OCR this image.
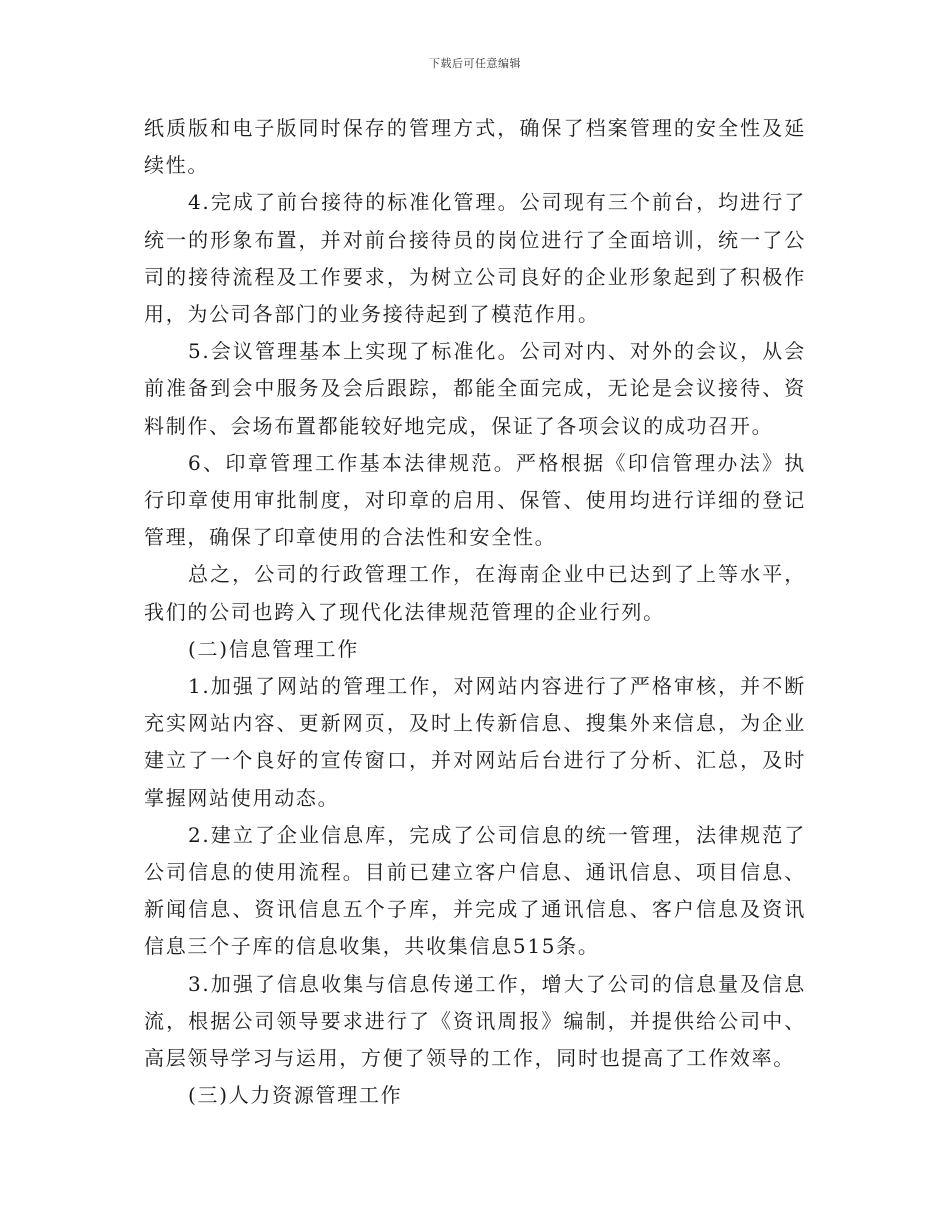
下载后可任意编辑

纸质版和电子版同时保存的管理方式，确保了档案管理的安全性及延续性。

4.完成了前台接待的标准化管理。公司现有三个前台，均进行了统一的形象布置，并对前台接待员的岗位进行了全面培训，统一了公司的接待流程及工作要求，为树立公司良好的企业形象起到了积极作用，为公司各部门的业务接待起到了模范作用。

5.会议管理基本上实现了标准化。公司对内、对外的会议，从会前准备到会中服务及会后跟踪，都能全面完成，无论是会议接待、资料制作、会场布置都能较好地完成，保证了各项会议的成功召开。

6、印章管理工作基本法律规范。严格根据《印信管理办法》执行印章使用审批制度，对印章的启用、保管、使用均进行详细的登记管理，确保了印章使用的合法性和安全性。

总之，公司的行政管理工作，在海南企业中已达到了上等水平，我们的公司也跨入了现代化法律规范管理的企业行列。

(二)信息管理工作

1.加强了网站的管理工作，对网站内容进行了严格审核，并不断充实网站内容、更新网页，及时上传新信息、搜集外来信息，为企业建立了一个良好的宣传窗口，并对网站后台进行了分析、汇总，及时掌握网站使用动态。

2.建立了企业信息库，完成了公司信息的统一管理，法律规范了公司信息的使用流程。目前已建立客户信息、通讯信息、项目信息、新闻信息、资讯信息五个子库，并完成了通讯信息、客户信息及资讯信息三个子库的信息收集，共收集信息515条。

3.加强了信息收集与信息传递工作，增大了公司的信息量及信息流，根据公司领导要求进行了《资讯周报》编制，并提供给公司中、高层领导学习与运用，方便了领导的工作，同时也提高了工作效率。

(三)人力资源管理工作
